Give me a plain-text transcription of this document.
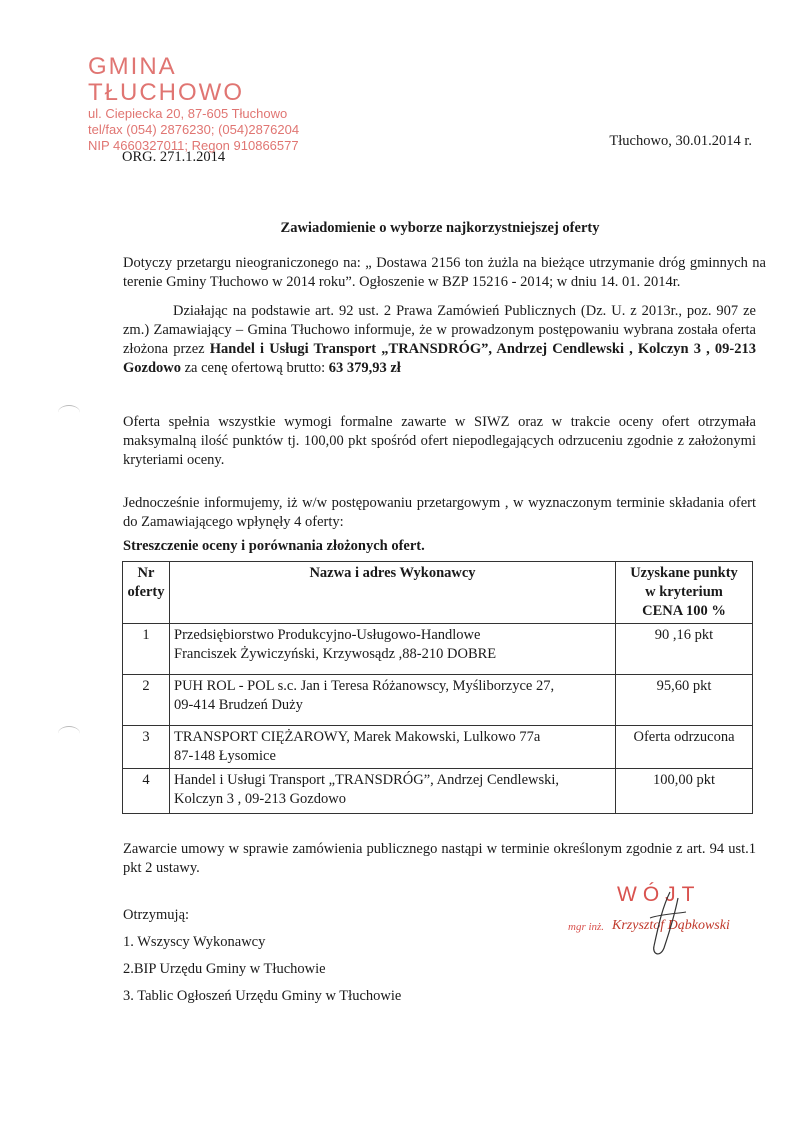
GMINA TŁUCHOWO
ul. Ciepiecka 20, 87-605 Tłuchowo
tel/fax (054) 2876230; (054)2876204
NIP 4660327011; Regon 910866577	Tłuchowo, 30.01.2014 r.
ORG. 271.1.2014
Zawiadomienie o wyborze najkorzystniejszej oferty
Dotyczy przetargu nieograniczonego na: „ Dostawa 2156 ton żużla na bieżące utrzymanie dróg gminnych na terenie Gminy Tłuchowo w 2014 roku”. Ogłoszenie w BZP 15216 - 2014; w dniu 14. 01. 2014r.
Działając na podstawie art. 92 ust. 2 Prawa Zamówień Publicznych (Dz. U. z 2013r., poz. 907 ze zm.) Zamawiający – Gmina Tłuchowo informuje, że w prowadzonym postępowaniu wybrana została oferta złożona przez Handel i Usługi Transport „TRANSDRÓG”, Andrzej Cendlewski , Kolczyn 3 , 09-213 Gozdowo za cenę ofertową brutto: 63 379,93 zł
Oferta spełnia wszystkie wymogi formalne zawarte w SIWZ oraz w trakcie oceny ofert otrzymała maksymalną ilość punktów tj. 100,00 pkt spośród ofert niepodlegających odrzuceniu zgodnie z założonymi kryteriami oceny.
Jednocześnie informujemy, iż w/w postępowaniu przetargowym , w wyznaczonym terminie składania ofert do Zamawiającego wpłynęły 4 oferty:
Streszczenie oceny i porównania złożonych ofert.
Nr oferty	Nazwa i adres Wykonawcy	Uzyskane punkty
w kryterium
CENA 100 %

1	Przedsiębiorstwo Produkcyjno-Usługowo-Handlowe
Franciszek Żywiczyński, Krzywosądz ,88-210 DOBRE	90 ,16 pkt
2	PUH ROL - POL s.c. Jan i Teresa Różanowscy, Myśliborzyce 27,
09-414 Brudzeń Duży	95,60 pkt
3	TRANSPORT CIĘŻAROWY, Marek Makowski, Lulkowo 77a
87-148 Łysomice	Oferta odrzucona
4	Handel i Usługi Transport „TRANSDRÓG”, Andrzej Cendlewski,
Kolczyn 3 , 09-213 Gozdowo	100,00 pkt
Zawarcie umowy w sprawie zamówienia publicznego nastąpi w terminie określonym zgodnie z art. 94 ust.1 pkt 2 ustawy.
Otrzymują:
1. Wszyscy Wykonawcy
2.BIP Urzędu Gminy w Tłuchowie
3. Tablic Ogłoszeń Urzędu Gminy w Tłuchowie
WÓJT
mgr inż. Krzysztof Dąbkowski
